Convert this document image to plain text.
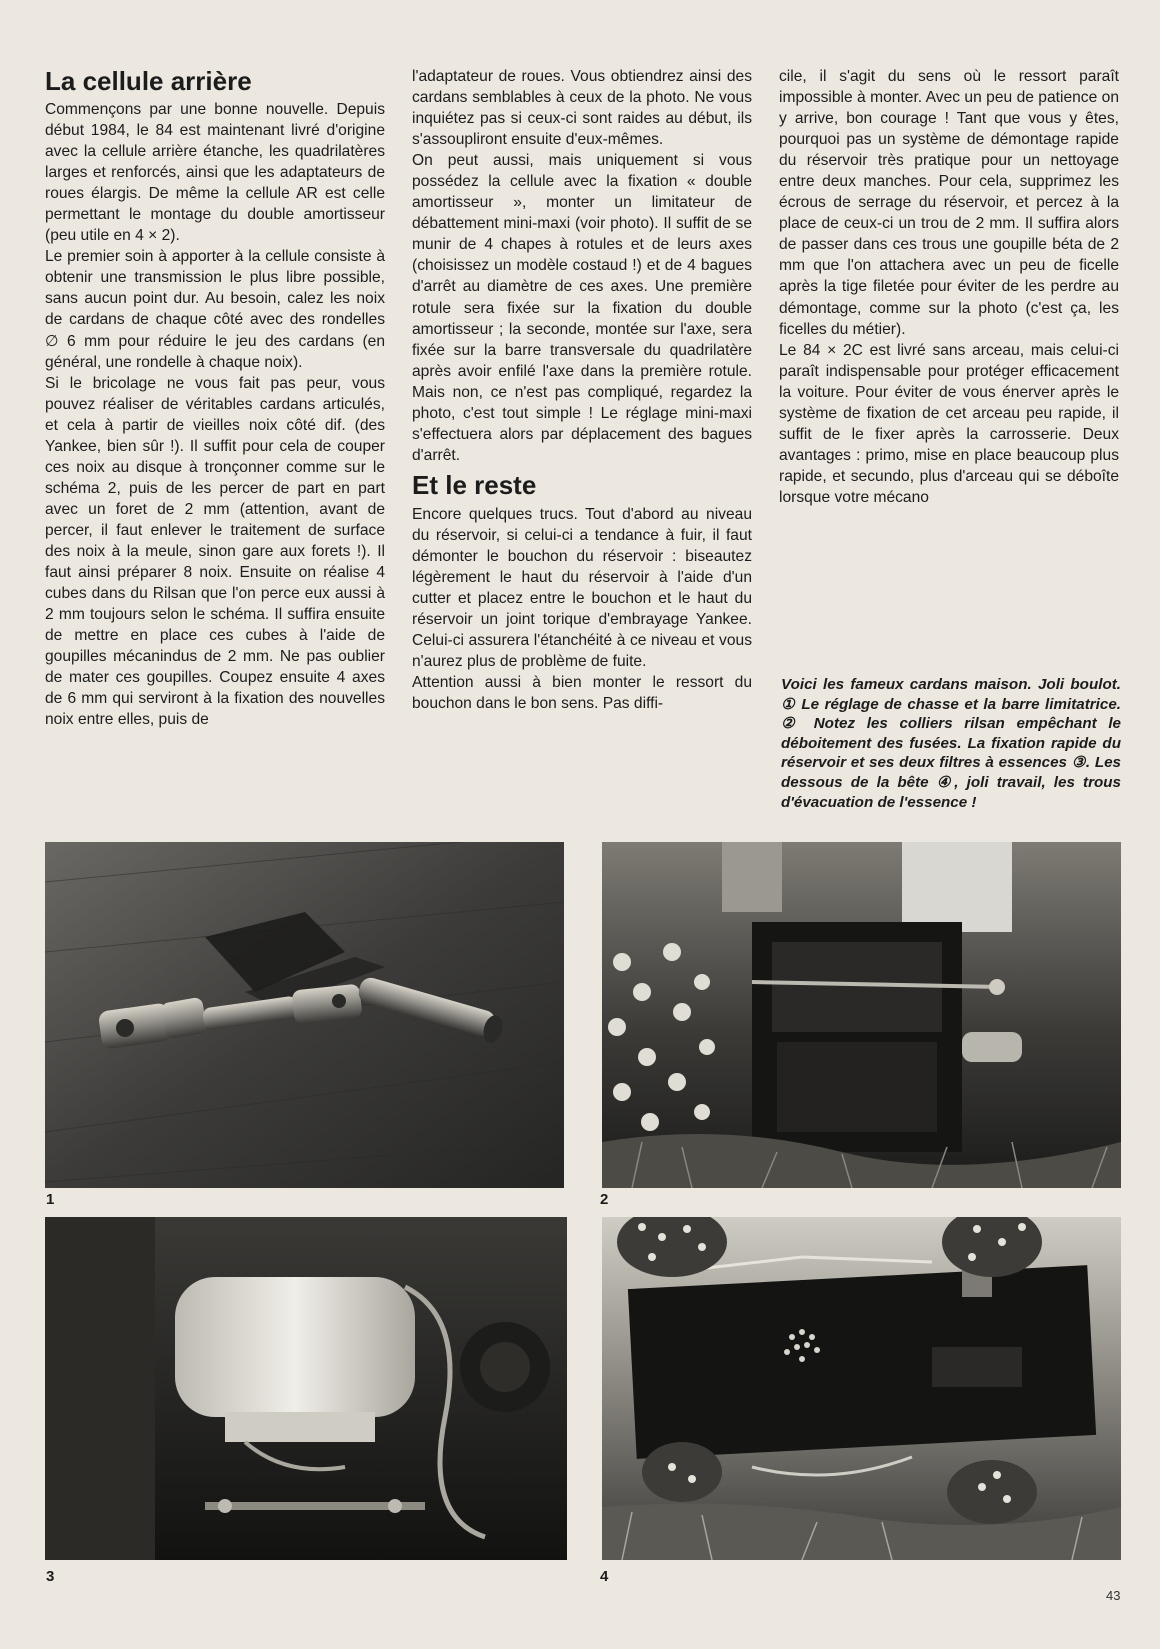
La cellule arrière

Commençons par une bonne nouvelle. Depuis début 1984, le 84 est maintenant livré d'origine avec la cellule arrière étanche, les quadrilatères larges et renforcés, ainsi que les adaptateurs de roues élargis. De même la cellule AR est celle permettant le montage du double amortisseur (peu utile en 4 × 2).

Le premier soin à apporter à la cellule consiste à obtenir une transmission le plus libre possible, sans aucun point dur. Au besoin, calez les noix de cardans de chaque côté avec des rondelles ∅ 6 mm pour réduire le jeu des cardans (en général, une rondelle à chaque noix).

Si le bricolage ne vous fait pas peur, vous pouvez réaliser de véritables cardans articulés, et cela à partir de vieilles noix côté dif. (des Yankee, bien sûr !). Il suffit pour cela de couper ces noix au disque à tronçonner comme sur le schéma 2, puis de les percer de part en part avec un foret de 2 mm (attention, avant de percer, il faut enlever le traitement de surface des noix à la meule, sinon gare aux forets !). Il faut ainsi préparer 8 noix. Ensuite on réalise 4 cubes dans du Rilsan que l'on perce eux aussi à 2 mm toujours selon le schéma. Il suffira ensuite de mettre en place ces cubes à l'aide de goupilles mécanindus de 2 mm. Ne pas oublier de mater ces goupilles. Coupez ensuite 4 axes de 6 mm qui serviront à la fixation des nouvelles noix entre elles, puis de

l'adaptateur de roues. Vous obtiendrez ainsi des cardans semblables à ceux de la photo. Ne vous inquiétez pas si ceux-ci sont raides au début, ils s'assoupliront ensuite d'eux-mêmes.

On peut aussi, mais uniquement si vous possédez la cellule avec la fixation « double amortisseur », monter un limitateur de débattement mini-maxi (voir photo). Il suffit de se munir de 4 chapes à rotules et de leurs axes (choisissez un modèle costaud !) et de 4 bagues d'arrêt au diamètre de ces axes. Une première rotule sera fixée sur la fixation du double amortisseur ; la seconde, montée sur l'axe, sera fixée sur la barre transversale du quadrilatère après avoir enfilé l'axe dans la première rotule. Mais non, ce n'est pas compliqué, regardez la photo, c'est tout simple ! Le réglage mini-maxi s'effectuera alors par déplacement des bagues d'arrêt.

Et le reste

Encore quelques trucs. Tout d'abord au niveau du réservoir, si celui-ci a tendance à fuir, il faut démonter le bouchon du réservoir : biseautez légèrement le haut du réservoir à l'aide d'un cutter et placez entre le bouchon et le haut du réservoir un joint torique d'embrayage Yankee. Celui-ci assurera l'étanchéité à ce niveau et vous n'aurez plus de problème de fuite.

Attention aussi à bien monter le ressort du bouchon dans le bon sens. Pas diffi-

cile, il s'agit du sens où le ressort paraît impossible à monter. Avec un peu de patience on y arrive, bon courage ! Tant que vous y êtes, pourquoi pas un système de démontage rapide du réservoir très pratique pour un nettoyage entre deux manches. Pour cela, supprimez les écrous de serrage du réservoir, et percez à la place de ceux-ci un trou de 2 mm. Il suffira alors de passer dans ces trous une goupille béta de 2 mm que l'on attachera avec un peu de ficelle après la tige filetée pour éviter de les perdre au démontage, comme sur la photo (c'est ça, les ficelles du métier).

Le 84 × 2C est livré sans arceau, mais celui-ci paraît indispensable pour protéger efficacement la voiture. Pour éviter de vous énerver après le système de fixation de cet arceau peu rapide, il suffit de le fixer après la carrosserie. Deux avantages : primo, mise en place beaucoup plus rapide, et secundo, plus d'arceau qui se déboîte lorsque votre mécano

Voici les fameux cardans maison. Joli boulot. ① Le réglage de chasse et la barre limitatrice. ② Notez les colliers rilsan empêchant le déboitement des fusées. La fixation rapide du réservoir et ses deux filtres à essences ③. Les dessous de la bête ④, joli travail, les trous d'évacuation de l'essence !
1	2
3	4
43
